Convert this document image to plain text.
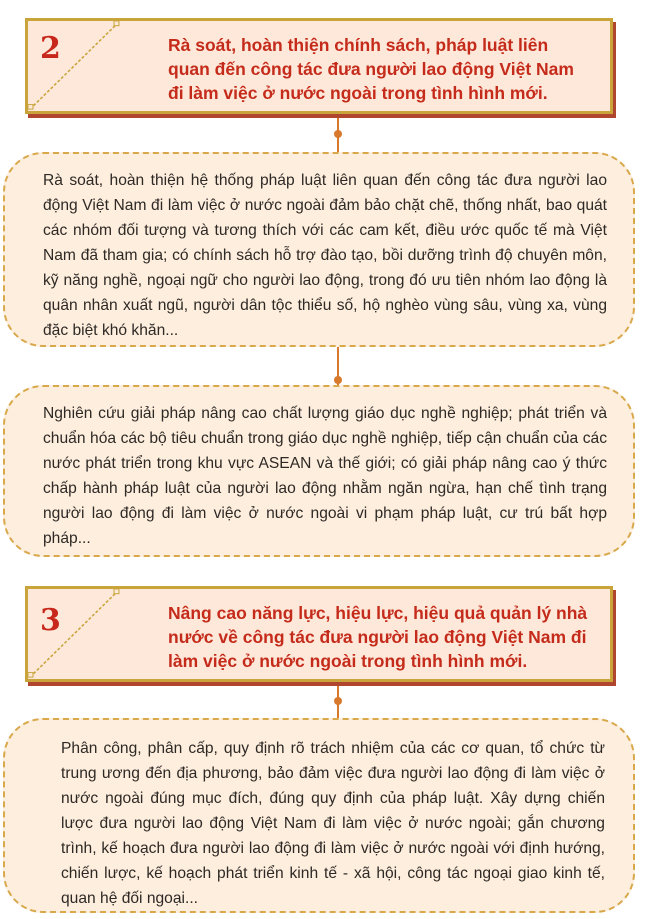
2	Rà soát, hoàn thiện chính sách, pháp luật liên quan đến công tác đưa người lao động Việt Nam đi làm việc ở nước ngoài trong tình hình mới.

Rà soát, hoàn thiện hệ thống pháp luật liên quan đến công tác đưa người lao động Việt Nam đi làm việc ở nước ngoài đảm bảo chặt chẽ, thống nhất, bao quát các nhóm đối tượng và tương thích với các cam kết, điều ước quốc tế mà Việt Nam đã tham gia; có chính sách hỗ trợ đào tạo, bồi dưỡng trình độ chuyên môn, kỹ năng nghề, ngoại ngữ cho người lao động, trong đó ưu tiên nhóm lao động là quân nhân xuất ngũ, người dân tộc thiểu số, hộ nghèo vùng sâu, vùng xa, vùng đặc biệt khó khăn...

Nghiên cứu giải pháp nâng cao chất lượng giáo dục nghề nghiệp; phát triển và chuẩn hóa các bộ tiêu chuẩn trong giáo dục nghề nghiệp, tiếp cận chuẩn của các nước phát triển trong khu vực ASEAN và thế giới; có giải pháp nâng cao ý thức chấp hành pháp luật của người lao động nhằm ngăn ngừa, hạn chế tình trạng người lao động đi làm việc ở nước ngoài vi phạm pháp luật, cư trú bất hợp pháp...

3	Nâng cao năng lực, hiệu lực, hiệu quả quản lý nhà nước về công tác đưa người lao động Việt Nam đi làm việc ở nước ngoài trong tình hình mới.

Phân công, phân cấp, quy định rõ trách nhiệm của các cơ quan, tổ chức từ trung ương đến địa phương, bảo đảm việc đưa người lao động đi làm việc ở nước ngoài đúng mục đích, đúng quy định của pháp luật. Xây dựng chiến lược đưa người lao động Việt Nam đi làm việc ở nước ngoài; gắn chương trình, kế hoạch đưa người lao động đi làm việc ở nước ngoài với định hướng, chiến lược, kế hoạch phát triển kinh tế - xã hội, công tác ngoại giao kinh tế, quan hệ đối ngoại...
